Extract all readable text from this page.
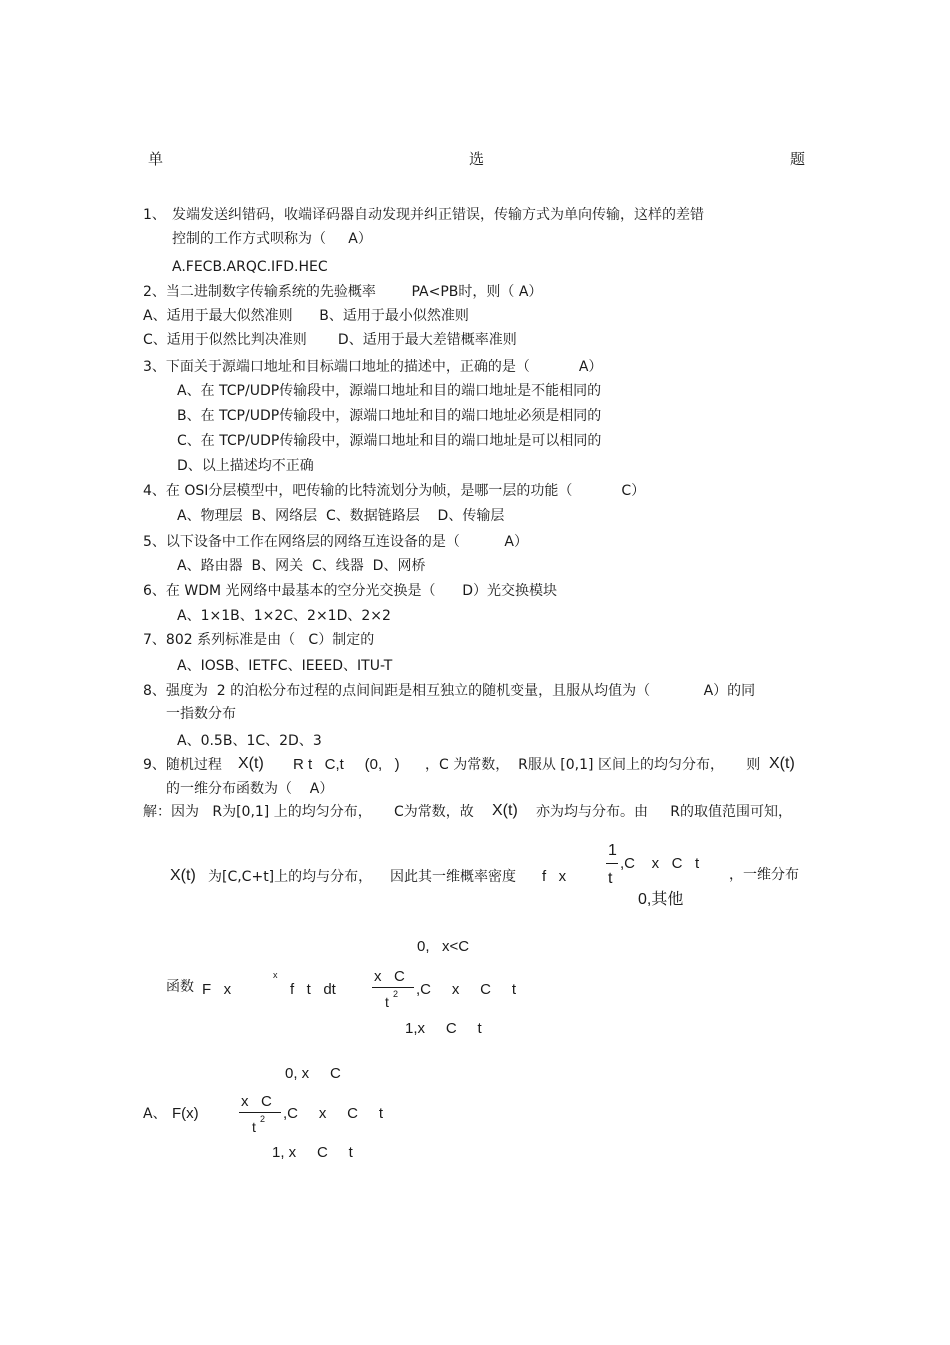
单	选	题
1、 发端发送纠错码，收端译码器自动发现并纠正错误，传输方式为单向传输，这样的差错
控制的工作方式呗称为（     A）
A.FECB.ARQC.IFD.HEC
2、当二进制数字传输系统的先验概率        PA<PB时，则（ A）
A、适用于最大似然准则      B、适用于最小似然准则
C、适用于似然比判决准则       D、适用于最大差错概率准则
3、下面关于源端口地址和目标端口地址的描述中，正确的是（           A）
A、在 TCP/UDP传输段中，源端口地址和目的端口地址是不能相同的
B、在 TCP/UDP传输段中，源端口地址和目的端口地址必须是相同的
C、在 TCP/UDP传输段中，源端口地址和目的端口地址是可以相同的
D、以上描述均不正确
4、在 OSI分层模型中，吧传输的比特流划分为帧，是哪一层的功能（           C）
A、物理层  B、网络层  C、数据链路层    D、传输层
5、以下设备中工作在网络层的网络互连设备的是（          A）
A、路由器  B、网关  C、线器  D、网桥
6、在 WDM 光网络中最基本的空分光交换是（      D）光交换模块
A、1×1B、1×2C、2×1D、2×2
7、802 系列标准是由（   C）制定的
A、IOSB、IETFC、IEEED、ITU-T
8、强度为  2 的泊松分布过程的点间间距是相互独立的随机变量，且服从均值为（            A）的同
一指数分布
A、0.5B、1C、2D、3
9、随机过程 X(t) R t   C,t     (0,   ) ，C 为常数，  R服从 [0,1] 区间上的均匀分布，     则 X(t)
的一维分布函数为（    A）
解：因为   R为[0,1] 上的均匀分布，     C为常数，故 X(t) 亦为均与分布。由     R的取值范围可知，
X(t) 为[C,C+t]上的均与分布，    因此其一维概率密度 f   x
1
t
,C    x   C   t
，一维分布
0,其他
0,   x<C
函数 F   x
x
f   t   dt
x   C
t 2 ,C     x     C     t
1,x     C     t
0, x     C
A、 F(x)
x   C
t 2 ,C     x     C     t
1, x     C     t
